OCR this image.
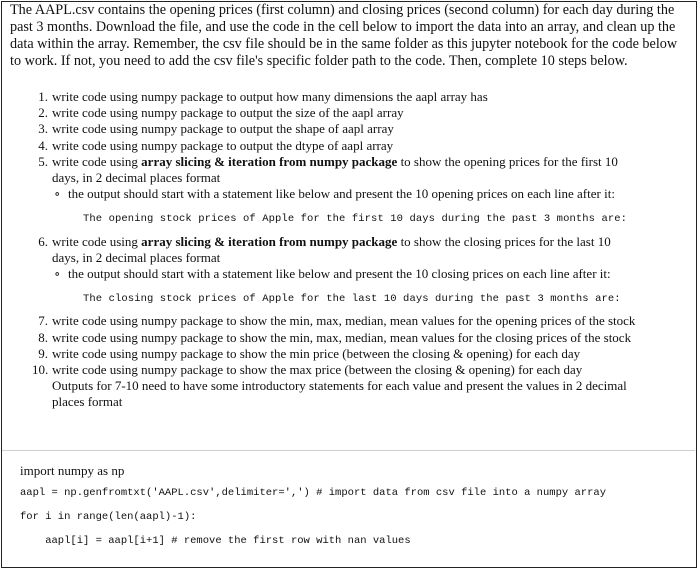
The AAPL.csv contains the opening prices (first column) and closing prices (second column) for each day during the
past 3 months. Download the file, and use the code in the cell below to import the data into an array, and clean up the
data within the array. Remember, the csv file should be in the same folder as this jupyter notebook for the code below
to work. If not, you need to add the csv file's specific folder path to the code. Then, complete 10 steps below.

1. write code using numpy package to output how many dimensions the aapl array has
2. write code using numpy package to output the size of the aapl array
3. write code using numpy package to output the shape of aapl array
4. write code using numpy package to output the dtype of aapl array
5. write code using array slicing & iteration from numpy package to show the opening prices for the first 10
days, in 2 decimal places format

∘ the output should start with a statement like below and present the 10 opening prices on each line after it:

The opening stock prices of Apple for the first 10 days during the past 3 months are:

6. write code using array slicing & iteration from numpy package to show the closing prices for the last 10
days, in 2 decimal places format

∘ the output should start with a statement like below and present the 10 closing prices on each line after it:

The closing stock prices of Apple for the last 10 days during the past 3 months are:

7. write code using numpy package to show the min, max, median, mean values for the opening prices of the stock
8. write code using numpy package to show the min, max, median, mean values for the closing prices of the stock
9. write code using numpy package to show the min price (between the closing & opening) for each day
10. write code using numpy package to show the max price (between the closing & opening) for each day

Outputs for 7-10 need to have some introductory statements for each value and present the values in 2 decimal
places format

import numpy as np
aapl = np.genfromtxt('AAPL.csv',delimiter=',') # import data from csv file into a numpy array
for i in range(len(aapl)-1):
aapl[i] = aapl[i+1] # remove the first row with nan values
